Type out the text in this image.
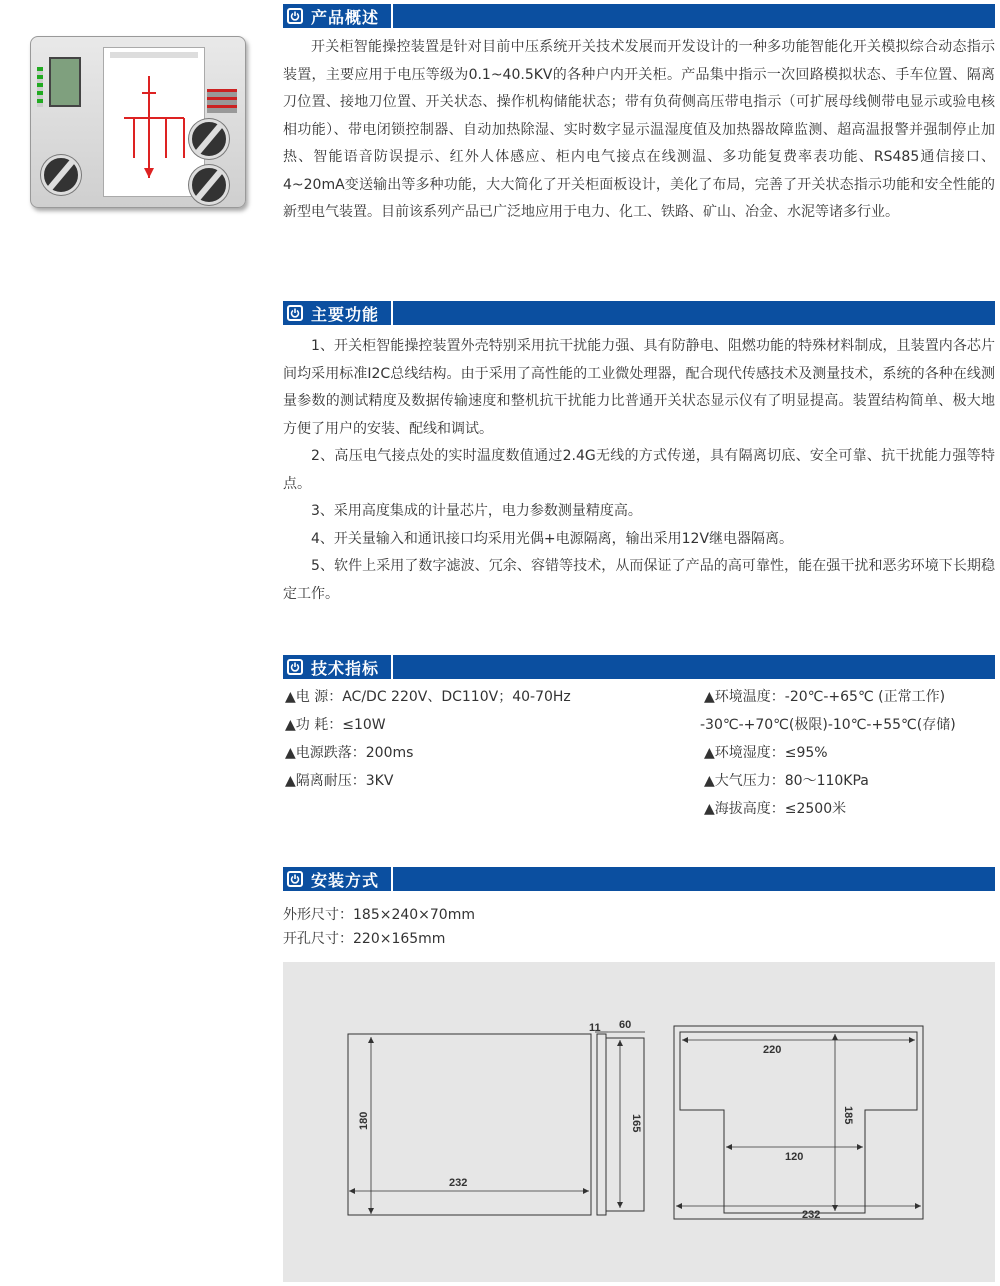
产品概述

开关柜智能操控装置是针对目前中压系统开关技术发展而开发设计的一种多功能智能化开关模拟综合动态指示装置，主要应用于电压等级为0.1~40.5KV的各种户内开关柜。产品集中指示一次回路模拟状态、手车位置、隔离刀位置、接地刀位置、开关状态、操作机构储能状态；带有负荷侧高压带电指示（可扩展母线侧带电显示或验电核相功能）、带电闭锁控制器、自动加热除湿、实时数字显示温湿度值及加热器故障监测、超高温报警并强制停止加热、智能语音防误提示、红外人体感应、柜内电气接点在线测温、多功能复费率表功能、RS485通信接口、4~20mA变送输出等多种功能，大大简化了开关柜面板设计，美化了布局，完善了开关状态指示功能和安全性能的新型电气装置。目前该系列产品已广泛地应用于电力、化工、铁路、矿山、冶金、水泥等诸多行业。

主要功能

1、开关柜智能操控装置外壳特别采用抗干扰能力强、具有防静电、阻燃功能的特殊材料制成，且装置内各芯片间均采用标准I2C总线结构。由于采用了高性能的工业微处理器，配合现代传感技术及测量技术，系统的各种在线测量参数的测试精度及数据传输速度和整机抗干扰能力比普通开关状态显示仪有了明显提高。装置结构简单、极大地方便了用户的安装、配线和调试。

2、高压电气接点处的实时温度数值通过2.4G无线的方式传递，具有隔离切底、安全可靠、抗干扰能力强等特点。

3、采用高度集成的计量芯片，电力参数测量精度高。

4、开关量输入和通讯接口均采用光偶+电源隔离，输出采用12V继电器隔离。

5、软件上采用了数字滤波、冗余、容错等技术，从而保证了产品的高可靠性，能在强干扰和恶劣环境下长期稳定工作。

技术指标
▲电 源：AC/DC 220V、DC110V；40-70Hz
▲功 耗：≤10W
▲电源跌落：200ms
▲隔离耐压：3KV
▲环境温度：-20℃-+65℃ (正常工作)
-30℃-+70℃(极限)-10℃-+55℃(存储)
▲环境湿度：≤95%
▲大气压力：80〜110KPa
▲海拔高度：≤2500米
安装方式
外形尺寸：185×240×70mm
开孔尺寸：220×165mm
180
232
11 60
165
220
185
120
232
